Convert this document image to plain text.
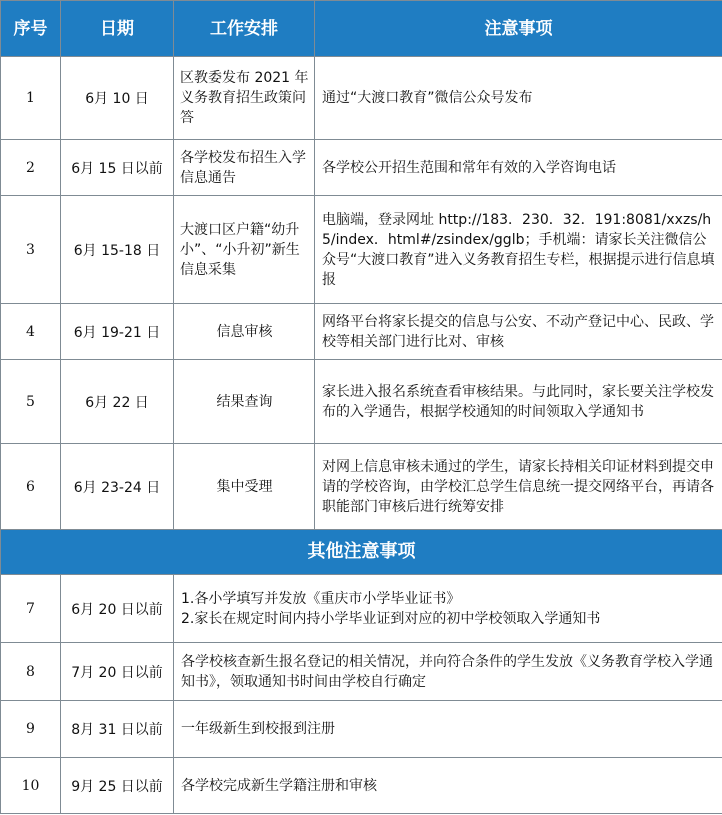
序号	日期	工作安排	注意事项
1	6月 10 日	区教委发布 2021 年义务教育招生政策问答	通过“大渡口教育”微信公众号发布
2	6月 15 日以前	各学校发布招生入学信息通告	各学校公开招生范围和常年有效的入学咨询电话
3	6月 15-18 日	大渡口区户籍“幼升小”、“小升初”新生信息采集	电脑端，登录网址 http://183．230．32．191:8081/xxzs/h5/index．html#/zsindex/gglb；手机端：请家长关注微信公众号“大渡口教育”进入义务教育招生专栏，根据提示进行信息填报
4	6月 19-21 日	信息审核	网络平台将家长提交的信息与公安、不动产登记中心、民政、学校等相关部门进行比对、审核
5	6月 22 日	结果查询	家长进入报名系统查看审核结果。与此同时，家长要关注学校发布的入学通告，根据学校通知的时间领取入学通知书
6	6月 23-24 日	集中受理	对网上信息审核未通过的学生，请家长持相关印证材料到提交申请的学校咨询，由学校汇总学生信息统一提交网络平台，再请各职能部门审核后进行统筹安排
其他注意事项			
7	6月 20 日以前	1.各小学填写并发放《重庆市小学毕业证书》
2.家长在规定时间内持小学毕业证到对应的初中学校领取入学通知书	

8	7月 20 日以前	各学校核查新生报名登记的相关情况，并向符合条件的学生发放《义务教育学校入学通知书》，领取通知书时间由学校自行确定	
9	8月 31 日以前	一年级新生到校报到注册	
10	9月 25 日以前	各学校完成新生学籍注册和审核	
